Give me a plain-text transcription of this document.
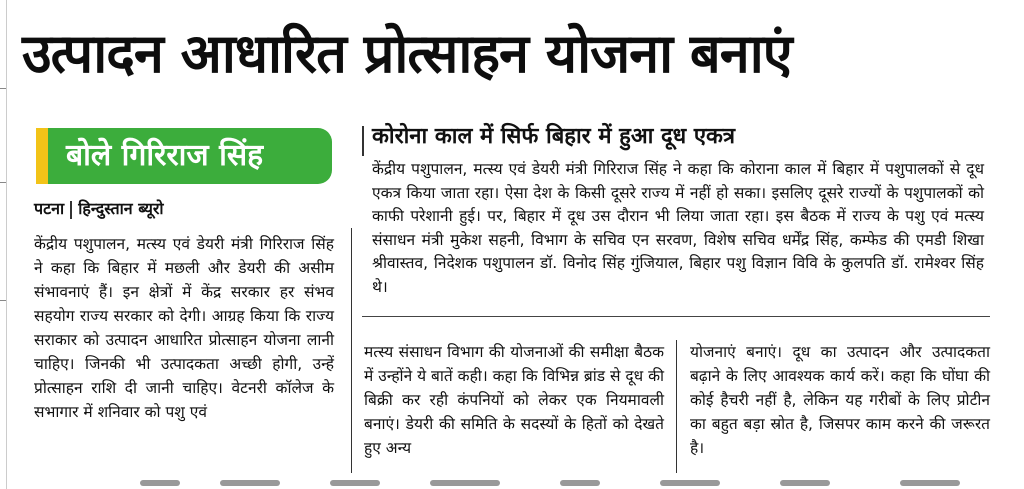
उत्पादन आधारित प्रोत्साहन योजना बनाएं
बोले गिरिराज सिंह
पटना हिन्दुस्तान ब्यूरो
केंद्रीय पशुपालन, मत्स्य एवं डेयरी मंत्री गिरिराज सिंह ने कहा कि बिहार में मछली और डेयरी की असीम संभावनाएं हैं। इन क्षेत्रों में केंद्र सरकार हर संभव सहयोग राज्य सरकार को देगी। आग्रह किया कि राज्य सराकार को उत्पादन आधारित प्रोत्साहन योजना लानी चाहिए। जिनकी भी उत्पादकता अच्छी होगी, उन्हें प्रोत्साहन राशि दी जानी चाहिए। वेटनरी कॉलेज के सभागार में शनिवार को पशु एवं
कोरोना काल में सिर्फ बिहार में हुआ दूध एकत्र
केंद्रीय पशुपालन, मत्स्य एवं डेयरी मंत्री गिरिराज सिंह ने कहा कि कोराना काल में बिहार में पशुपालकों से दूध एकत्र किया जाता रहा। ऐसा देश के किसी दूसरे राज्य में नहीं हो सका। इसलिए दूसरे राज्यों के पशुपालकों को काफी परेशानी हुई। पर, बिहार में दूध उस दौरान भी लिया जाता रहा। इस बैठक में राज्य के पशु एवं मत्स्य संसाधन मंत्री मुकेश सहनी, विभाग के सचिव एन सरवण, विशेष सचिव धर्मेंद्र सिंह, कम्फेड की एमडी शिखा श्रीवास्तव, निदेशक पशुपालन डॉ. विनोद सिंह गुंजियाल, बिहार पशु विज्ञान विवि के कुलपति डॉ. रामेश्वर सिंह थे।
मत्स्य संसाधन विभाग की योजनाओं की समीक्षा बैठक में उन्होंने ये बातें कही। कहा कि विभिन्न ब्रांड से दूध की बिक्री कर रही कंपनियों को लेकर एक नियमावली बनाएं। डेयरी की समिति के सदस्यों के हितों को देखते हुए अन्य
योजनाएं बनाएं। दूध का उत्पादन और उत्पादकता बढ़ाने के लिए आवश्यक कार्य करें। कहा कि घोंघा की कोई हैचरी नहीं है, लेकिन यह गरीबों के लिए प्रोटीन का बहुत बड़ा स्रोत है, जिसपर काम करने की जरूरत है।
